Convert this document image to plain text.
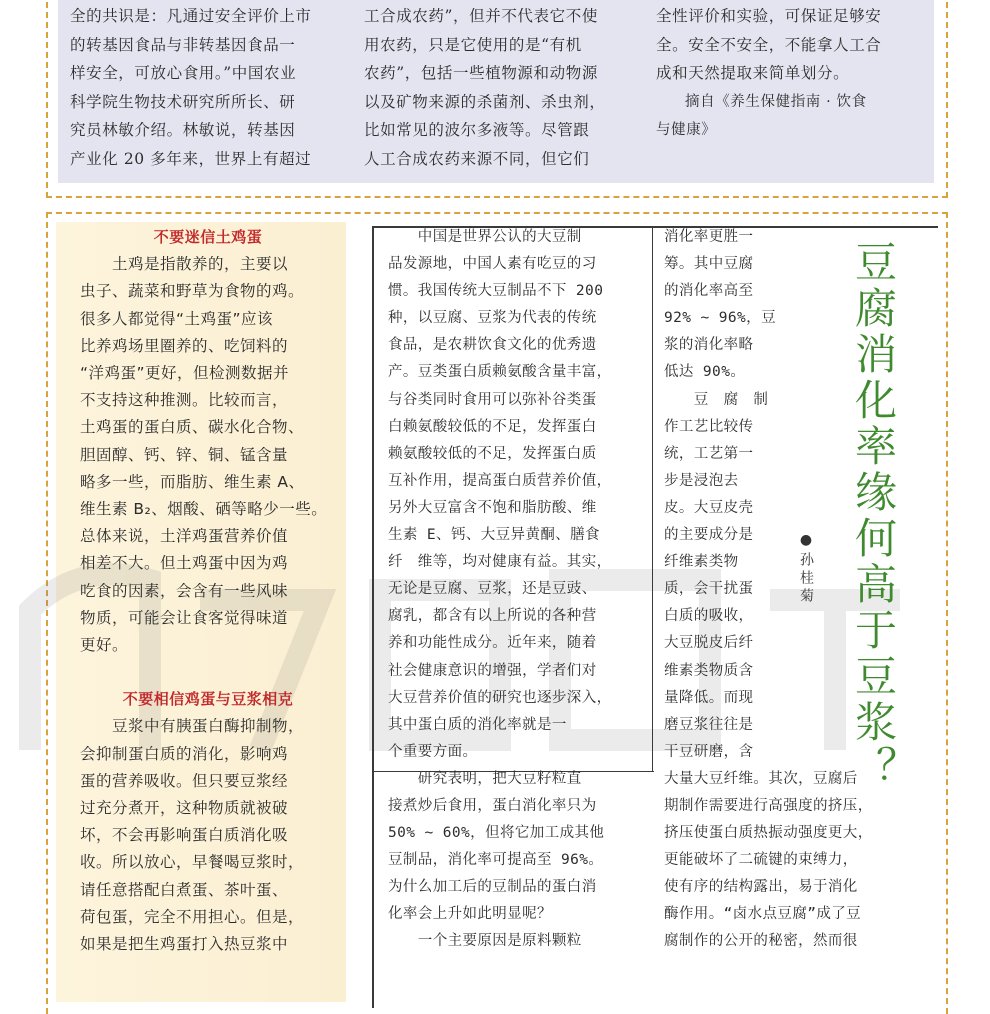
全的共识是：凡通过安全评价上市

的转基因食品与非转基因食品一

样安全，可放心食用。”中国农业

科学院生物技术研究所所长、研

究员林敏介绍。林敏说，转基因

产业化 20 多年来，世界上有超过

工合成农药”，但并不代表它不使

用农药，只是它使用的是“有机

农药”，包括一些植物源和动物源

以及矿物来源的杀菌剂、杀虫剂，

比如常见的波尔多液等。尽管跟

人工合成农药来源不同，但它们

全性评价和实验，可保证足够安

全。安全不安全，不能拿人工合

成和天然提取来简单划分。

摘自《养生保健指南 · 饮食

与健康》

不要迷信土鸡蛋

　　土鸡是指散养的，主要以

虫子、蔬菜和野草为食物的鸡。

很多人都觉得“土鸡蛋”应该

比养鸡场里圈养的、吃饲料的

“洋鸡蛋”更好，但检测数据并

不支持这种推测。比较而言，

土鸡蛋的蛋白质、碳水化合物、

胆固醇、钙、锌、铜、锰含量

略多一些，而脂肪、维生素 A、

维生素 B₂、烟酸、硒等略少一些。

总体来说，土洋鸡蛋营养价值

相差不大。但土鸡蛋中因为鸡

吃食的因素，会含有一些风味

物质，可能会让食客觉得味道

更好。

不要相信鸡蛋与豆浆相克

　　豆浆中有胰蛋白酶抑制物，

会抑制蛋白质的消化，影响鸡

蛋的营养吸收。但只要豆浆经

过充分煮开，这种物质就被破

坏，不会再影响蛋白质消化吸

收。所以放心，早餐喝豆浆时，

请任意搭配白煮蛋、茶叶蛋、

荷包蛋，完全不用担心。但是，

如果是把生鸡蛋打入热豆浆中

　　中国是世界公认的大豆制

品发源地，中国人素有吃豆的习

惯。我国传统大豆制品不下 200

种，以豆腐、豆浆为代表的传统

食品，是农耕饮食文化的优秀遗

产。豆类蛋白质赖氨酸含量丰富，

与谷类同时食用可以弥补谷类蛋

白赖氨酸较低的不足，发挥蛋白

赖氨酸较低的不足，发挥蛋白质

互补作用，提高蛋白质营养价值，

另外大豆富含不饱和脂肪酸、维

生素 E、钙、大豆异黄酮、膳食

纤　维等，均对健康有益。其实，

无论是豆腐、豆浆，还是豆豉、

腐乳，都含有以上所说的各种营

养和功能性成分。近年来，随着

社会健康意识的增强，学者们对

大豆营养价值的研究也逐步深入，

其中蛋白质的消化率就是一

个重要方面。

　　研究表明，把大豆籽粒直

接煮炒后食用，蛋白消化率只为

50% ~ 60%，但将它加工成其他

豆制品，消化率可提高至 96%。

为什么加工后的豆制品的蛋白消

化率会上升如此明显呢？

　　一个主要原因是原料颗粒

消化率更胜一

筹。其中豆腐

的消化率高至

92% ~ 96%，豆

浆的消化率略

低达 90%。

　　豆　腐　制

作工艺比较传

统，工艺第一

步是浸泡去

皮。大豆皮壳

的主要成分是

纤维素类物

质，会干扰蛋

白质的吸收，

大豆脱皮后纤

维素类物质含

量降低。而现

磨豆浆往往是

干豆研磨，含

大量大豆纤维。其次，豆腐后

期制作需要进行高强度的挤压，

挤压使蛋白质热振动强度更大，

更能破坏了二硫键的束缚力，

使有序的结构露出，易于消化

酶作用。“卤水点豆腐”成了豆

腐制作的公开的秘密，然而很

豆腐消化率缘何高于豆浆？
●孙桂菊
